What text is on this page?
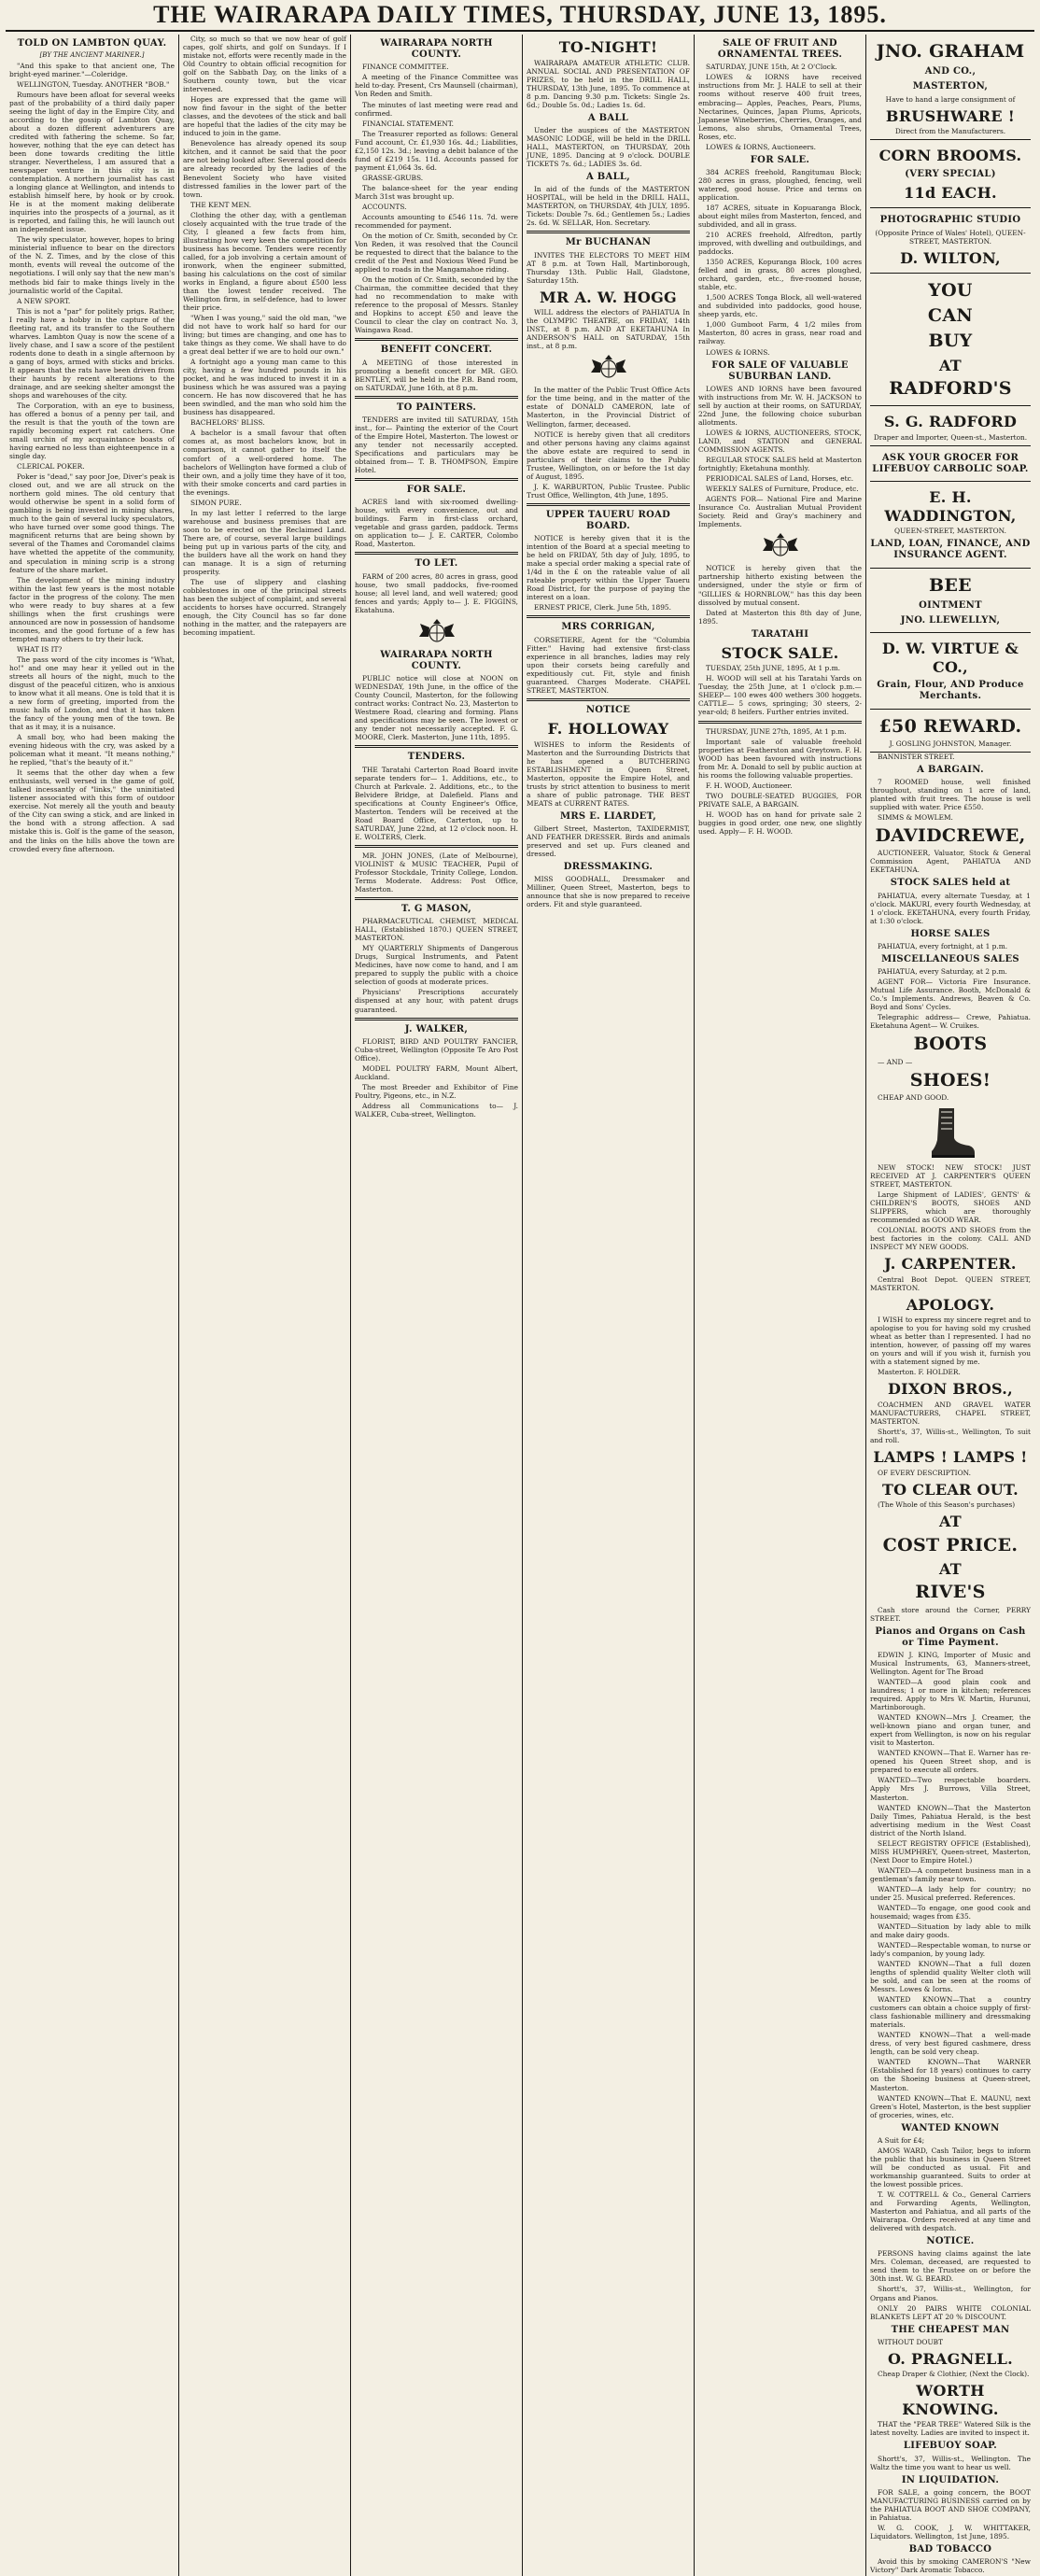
THE WAIRARAPA DAILY TIMES, THURSDAY, JUNE 13, 1895.
TOLD ON LAMBTON QUAY.
[BY THE ANCIENT MARINER.]

"And this spake to that ancient one, The bright-eyed mariner."—Coleridge.

WELLINGTON, Tuesday. ANOTHER "BOB."

Rumours have been afloat for several weeks past of the probability of a third daily paper seeing the light of day in the Empire City, and according to the gossip of Lambton Quay, about a dozen different adventurers are credited with fathering the scheme. So far, however, nothing that the eye can detect has been done towards crediting the little stranger. Nevertheless, I am assured that a newspaper venture in this city is in contemplation. A northern journalist has cast a longing glance at Wellington, and intends to establish himself here, by hook or by crook. He is at the moment making deliberate inquiries into the prospects of a journal, as it is reported, and failing this, he will launch out an independent issue.

The wily speculator, however, hopes to bring ministerial influence to bear on the directors of the N. Z. Times, and by the close of this month, events will reveal the outcome of the negotiations. I will only say that the new man's methods bid fair to make things lively in the journalistic world of the Capital.

A NEW SPORT.

This is not a "par" for politely prigs. Rather, I really have a hobby in the capture of the fleeting rat, and its transfer to the Southern wharves. Lambton Quay is now the scene of a lively chase, and I saw a score of the pestilent rodents done to death in a single afternoon by a gang of boys, armed with sticks and bricks. It appears that the rats have been driven from their haunts by recent alterations to the drainage, and are seeking shelter amongst the shops and warehouses of the city.

The Corporation, with an eye to business, has offered a bonus of a penny per tail, and the result is that the youth of the town are rapidly becoming expert rat catchers. One small urchin of my acquaintance boasts of having earned no less than eighteenpence in a single day.

CLERICAL POKER.

Poker is "dead," say poor Joe, Diver's peak is closed out, and we are all struck on the northern gold mines. The old century that would otherwise be spent in a solid form of gambling is being invested in mining shares, much to the gain of several lucky speculators, who have turned over some good things. The magnificent returns that are being shown by several of the Thames and Coromandel claims have whetted the appetite of the community, and speculation in mining scrip is a strong feature of the share market.

The development of the mining industry within the last few years is the most notable factor in the progress of the colony. The men who were ready to buy shares at a few shillings when the first crushings were announced are now in possession of handsome incomes, and the good fortune of a few has tempted many others to try their luck.

WHAT IS IT?

The pass word of the city incomes is "What, ho!" and one may hear it yelled out in the streets all hours of the night, much to the disgust of the peaceful citizen, who is anxious to know what it all means. One is told that it is a new form of greeting, imported from the music halls of London, and that it has taken the fancy of the young men of the town. Be that as it may, it is a nuisance.

A small boy, who had been making the evening hideous with the cry, was asked by a policeman what it meant. "It means nothing," he replied, "that's the beauty of it."

It seems that the other day when a few enthusiasts, well versed in the game of golf, talked incessantly of "links," the uninitiated listener associated with this form of outdoor exercise. Not merely all the youth and beauty of the City can swing a stick, and are linked in the bond with a strong affection. A sad mistake this is. Golf is the game of the season, and the links on the hills above the town are crowded every fine afternoon.

City, so much so that we now hear of golf capes, golf shirts, and golf on Sundays. If I mistake not, efforts were recently made in the Old Country to obtain official recognition for golf on the Sabbath Day, on the links of a Southern county town, but the vicar intervened.

Hopes are expressed that the game will now find favour in the sight of the better classes, and the devotees of the stick and ball are hopeful that the ladies of the city may be induced to join in the game.

Benevolence has already opened its soup kitchen, and it cannot be said that the poor are not being looked after. Several good deeds are already recorded by the ladies of the Benevolent Society who have visited distressed families in the lower part of the town.

THE KENT MEN.

Clothing the other day, with a gentleman closely acquainted with the true trade of the City, I gleaned a few facts from him, illustrating how very keen the competition for business has become. Tenders were recently called, for a job involving a certain amount of ironwork, when the engineer submitted, basing his calculations on the cost of similar works in England, a figure about £500 less than the lowest tender received. The Wellington firm, in self-defence, had to lower their price.

"When I was young," said the old man, "we did not have to work half so hard for our living; but times are changing, and one has to take things as they come. We shall have to do a great deal better if we are to hold our own."

A fortnight ago a young man came to this city, having a few hundred pounds in his pocket, and he was induced to invest it in a business which he was assured was a paying concern. He has now discovered that he has been swindled, and the man who sold him the business has disappeared.

BACHELORS' BLISS.

A bachelor is a small favour that often comes at, as most bachelors know, but in comparison, it cannot gather to itself the comfort of a well-ordered home. The bachelors of Wellington have formed a club of their own, and a jolly time they have of it too, with their smoke concerts and card parties in the evenings.

SIMON PURE.

In my last letter I referred to the large warehouse and business premises that are soon to be erected on the Reclaimed Land. There are, of course, several large buildings being put up in various parts of the city, and the builders have all the work on hand they can manage. It is a sign of returning prosperity.

The use of slippery and clashing cobblestones in one of the principal streets has been the subject of complaint, and several accidents to horses have occurred. Strangely enough, the City Council has so far done nothing in the matter, and the ratepayers are becoming impatient.

WAIRARAPA NORTH COUNTY.

FINANCE COMMITTEE.

A meeting of the Finance Committee was held to-day. Present, Crs Maunsell (chairman), Von Reden and Smith.

The minutes of last meeting were read and confirmed.

FINANCIAL STATEMENT.

The Treasurer reported as follows: General Fund account, Cr. £1,930 16s. 4d.; Liabilities, £2,150 12s. 3d.; leaving a debit balance of the fund of £219 15s. 11d. Accounts passed for payment £1,064 3s. 6d.

GRASSE-GRUBS.

The balance-sheet for the year ending March 31st was brought up.

ACCOUNTS.

Accounts amounting to £546 11s. 7d. were recommended for payment.

On the motion of Cr. Smith, seconded by Cr. Von Reden, it was resolved that the Council be requested to direct that the balance to the credit of the Pest and Noxious Weed Fund be applied to roads in the Mangamahoe riding.

On the motion of Cr. Smith, seconded by the Chairman, the committee decided that they had no recommendation to make with reference to the proposal of Messrs. Stanley and Hopkins to accept £50 and leave the Council to clear the clay on contract No. 3, Waingawa Road.

BENEFIT CONCERT.

A MEETING of those interested in promoting a benefit concert for MR. GEO. BENTLEY, will be held in the P.B. Band room, on SATURDAY, June 16th, at 8 p.m.

TO PAINTERS.

TENDERS are invited till SATURDAY, 15th inst., for— Painting the exterior of the Court of the Empire Hotel, Masterton. The lowest or any tender not necessarily accepted. Specifications and particulars may be obtained from— T. B. THOMPSON, Empire Hotel.

FOR SALE.

ACRES land with six-roomed dwelling-house, with every convenience, out and buildings. Farm in first-class orchard, vegetable and grass garden, paddock. Terms on application to— J. E. CARTER, Colombo Road, Masterton.

TO LET.

FARM of 200 acres, 80 acres in grass, good house, two small paddocks, five-roomed house; all level land, and well watered; good fences and yards; Apply to— J. E. FIGGINS, Ekatahuna.

WAIRARAPA NORTH COUNTY.

PUBLIC notice will close at NOON on WEDNESDAY, 19th June, in the office of the County Council, Masterton, for the following contract works: Contract No. 23, Masterton to Westmere Road, clearing and forming. Plans and specifications may be seen. The lowest or any tender not necessarily accepted. F. G. MOORE, Clerk. Masterton, June 11th, 1895.

TENDERS.

THE Taratahi Carterton Road Board invite separate tenders for— 1. Additions, etc., to Church at Parkvale. 2. Additions, etc., to the Belvidere Bridge, at Dalefield. Plans and specifications at County Engineer's Office, Masterton. Tenders will be received at the Road Board Office, Carterton, up to SATURDAY, June 22nd, at 12 o'clock noon. H. E. WOLTERS, Clerk.

MR. JOHN JONES, (Late of Melbourne), VIOLINIST & MUSIC TEACHER, Pupil of Professor Stockdale, Trinity College, London. Terms Moderate. Address: Post Office, Masterton.

T. G MASON,

PHARMACEUTICAL CHEMIST, MEDICAL HALL, (Established 1870.) QUEEN STREET, MASTERTON.

MY QUARTERLY Shipments of Dangerous Drugs, Surgical Instruments, and Patent Medicines, have now come to hand, and I am prepared to supply the public with a choice selection of goods at moderate prices.

Physicians' Prescriptions accurately dispensed at any hour, with patent drugs guaranteed.

J. WALKER,

FLORIST, BIRD AND POULTRY FANCIER, Cuba-street, Wellington (Opposite Te Aro Post Office).

MODEL POULTRY FARM, Mount Albert, Auckland.

The most Breeder and Exhibitor of Fine Poultry, Pigeons, etc., in N.Z.

Address all Communications to— J. WALKER, Cuba-street, Wellington.

TO-NIGHT!

WAIRARAPA AMATEUR ATHLETIC CLUB. ANNUAL SOCIAL AND PRESENTATION OF PRIZES, to be held in the DRILL HALL, THURSDAY, 13th June, 1895. To commence at 8 p.m. Dancing 9.30 p.m. Tickets: Single 2s. 6d.; Double 5s. 0d.; Ladies 1s. 6d.

A BALL

Under the auspices of the MASTERTON MASONIC LODGE, will be held in the DRILL HALL, MASTERTON, on THURSDAY, 20th JUNE, 1895. Dancing at 9 o'clock. DOUBLE TICKETS 7s. 6d.; LADIES 3s. 6d.

A BALL,

In aid of the funds of the MASTERTON HOSPITAL, will be held in the DRILL HALL, MASTERTON, on THURSDAY, 4th JULY, 1895. Tickets: Double 7s. 6d.; Gentlemen 5s.; Ladies 2s. 6d. W. SELLAR, Hon. Secretary.

Mr BUCHANAN

INVITES THE ELECTORS TO MEET HIM AT 8 p.m. at Town Hall, Martinborough, Thursday 13th. Public Hall, Gladstone, Saturday 15th.

MR A. W. HOGG

WILL address the electors of PAHIATUA In the OLYMPIC THEATRE, on FRIDAY, 14th INST., at 8 p.m. AND AT EKETAHUNA In ANDERSON'S HALL on SATURDAY, 15th inst., at 8 p.m.

In the matter of the Public Trust Office Acts for the time being, and in the matter of the estate of DONALD CAMERON, late of Masterton, in the Provincial District of Wellington, farmer, deceased.

NOTICE is hereby given that all creditors and other persons having any claims against the above estate are required to send in particulars of their claims to the Public Trustee, Wellington, on or before the 1st day of August, 1895.

J. K. WARBURTON, Public Trustee. Public Trust Office, Wellington, 4th June, 1895.

UPPER TAUERU ROAD BOARD.

NOTICE is hereby given that it is the intention of the Board at a special meeting to be held on FRIDAY, 5th day of July, 1895, to make a special order making a special rate of 1/4d in the £ on the rateable value of all rateable property within the Upper Taueru Road District, for the purpose of paying the interest on a loan.

ERNEST PRICE, Clerk. June 5th, 1895.

MRS CORRIGAN,

CORSETIERE, Agent for the "Columbia Fitter." Having had extensive first-class experience in all branches, ladies may rely upon their corsets being carefully and expeditiously cut. Fit, style and finish guaranteed. Charges Moderate. CHAPEL STREET, MASTERTON.

NOTICE
F. HOLLOWAY

WISHES to inform the Residents of Masterton and the Surrounding Districts that he has opened a BUTCHERING ESTABLISHMENT in Queen Street, Masterton, opposite the Empire Hotel, and trusts by strict attention to business to merit a share of public patronage. THE BEST MEATS at CURRENT RATES.

MRS E. LIARDET,

Gilbert Street, Masterton, TAXIDERMIST, AND FEATHER DRESSER. Birds and animals preserved and set up. Furs cleaned and dressed.

DRESSMAKING.

MISS GOODHALL, Dressmaker and Milliner, Queen Street, Masterton, begs to announce that she is now prepared to receive orders. Fit and style guaranteed.

SALE OF FRUIT AND ORNAMENTAL TREES.

SATURDAY, JUNE 15th, At 2 O'Clock.

LOWES & IORNS have received instructions from Mr. J. HALE to sell at their rooms without reserve 400 fruit trees, embracing— Apples, Peaches, Pears, Plums, Nectarines, Quinces, Japan Plums, Apricots, Japanese Wineberries, Cherries, Oranges, and Lemons, also shrubs, Ornamental Trees, Roses, etc.

LOWES & IORNS, Auctioneers.

FOR SALE.

384 ACRES freehold, Rangitumau Block; 280 acres in grass, ploughed, fencing, well watered, good house. Price and terms on application.

187 ACRES, situate in Kopuaranga Block, about eight miles from Masterton, fenced, and subdivided, and all in grass.

210 ACRES freehold, Alfredton, partly improved, with dwelling and outbuildings, and paddocks.

1350 ACRES, Kopuranga Block, 100 acres felled and in grass, 80 acres ploughed, orchard, garden, etc., five-roomed house, stable, etc.

1,500 ACRES Tonga Block, all well-watered and subdivided into paddocks, good house, sheep yards, etc.

1,000 Gumboot Farm, 4 1/2 miles from Masterton, 80 acres in grass, near road and railway.

LOWES & IORNS.

FOR SALE OF VALUABLE SUBURBAN LAND.

LOWES AND IORNS have been favoured with instructions from Mr. W. H. JACKSON to sell by auction at their rooms, on SATURDAY, 22nd June, the following choice suburban allotments.

LOWES & IORNS, AUCTIONEERS, STOCK, LAND, and STATION and GENERAL COMMISSION AGENTS.

REGULAR STOCK SALES held at Masterton fortnightly; Eketahuna monthly.

PERIODICAL SALES of Land, Horses, etc.

WEEKLY SALES of Furniture, Produce, etc.

AGENTS FOR— National Fire and Marine Insurance Co. Australian Mutual Provident Society. Reid and Gray's machinery and Implements.

NOTICE is hereby given that the partnership hitherto existing between the undersigned, under the style or firm of "GILLIES & HORNBLOW," has this day been dissolved by mutual consent.

Dated at Masterton this 8th day of June, 1895.

TARATAHI
STOCK SALE.

TUESDAY, 25th JUNE, 1895, At 1 p.m.

H. WOOD will sell at his Taratahi Yards on Tuesday, the 25th June, at 1 o'clock p.m.— SHEEP— 100 ewes 400 wethers 300 hoggets. CATTLE— 5 cows, springing; 30 steers, 2-year-old; 8 heifers. Further entries invited.

THURSDAY, JUNE 27th, 1895, At 1 p.m.

Important sale of valuable freehold properties at Featherston and Greytown. F. H. WOOD has been favoured with instructions from Mr. A. Donald to sell by public auction at his rooms the following valuable properties.

F. H. WOOD, Auctioneer.

TWO DOUBLE-SEATED BUGGIES, FOR PRIVATE SALE, A BARGAIN.

H. WOOD has on hand for private sale 2 buggies in good order, one new, one slightly used. Apply— F. H. WOOD.

JNO. GRAHAM
AND CO.,
MASTERTON,
Have to hand a large consignment of
BRUSHWARE !
Direct from the Manufacturers.
CORN BROOMS.
(VERY SPECIAL)
11d EACH.
PHOTOGRAPHIC STUDIO
(Opposite Prince of Wales' Hotel), QUEEN-STREET, MASTERTON.
D. WILTON,
YOU
CAN
BUY
AT
RADFORD'S
S. G. RADFORD
Draper and Importer, Queen-st., Masterton.
ASK YOUR GROCER FOR LIFEBUOY CARBOLIC SOAP.
E. H. WADDINGTON,
QUEEN-STREET, MASTERTON.
LAND, LOAN, FINANCE, AND INSURANCE AGENT.
BEE
OINTMENT
JNO. LLEWELLYN,
D. W. VIRTUE & CO.,
Grain, Flour, AND Produce Merchants.
£50 REWARD.
J. GOSLING JOHNSTON, Manager.

BANNISTER STREET.

A BARGAIN.

7 ROOMED house, well finished throughout, standing on 1 acre of land, planted with fruit trees. The house is well supplied with water. Price £550.

SIMMS & MOWLEM.

DAVIDCREWE,

AUCTIONEER, Valuator, Stock & General Commission Agent, PAHIATUA AND EKETAHUNA.

STOCK SALES held at

PAHIATUA, every alternate Tuesday, at 1 o'clock. MAKURI, every fourth Wednesday, at 1 o'clock. EKETAHUNA, every fourth Friday, at 1:30 o'clock.

HORSE SALES

PAHIATUA, every fortnight, at 1 p.m.

MISCELLANEOUS SALES

PAHIATUA, every Saturday, at 2 p.m.

AGENT FOR— Victoria Fire Insurance. Mutual Life Assurance. Booth, McDonald & Co.'s Implements. Andrews, Beaven & Co. Boyd and Sons' Cycles.

Telegraphic address— Crewe, Pahiatua. Eketahuna Agent— W. Cruikes.

BOOTS

— AND —

SHOES!

CHEAP AND GOOD.

NEW STOCK! NEW STOCK! JUST RECEIVED AT J. CARPENTER'S QUEEN STREET, MASTERTON.

Large Shipment of LADIES', GENTS' & CHILDREN'S BOOTS, SHOES AND SLIPPERS, which are thoroughly recommended as GOOD WEAR.

COLONIAL BOOTS AND SHOES from the best factories in the colony. CALL AND INSPECT MY NEW GOODS.

J. CARPENTER.

Central Boot Depot. QUEEN STREET, MASTERTON.

APOLOGY.

I WISH to express my sincere regret and to apologise to you for having sold my crushed wheat as better than I represented. I had no intention, however, of passing off my wares on yours and will if you wish it, furnish you with a statement signed by me.

Masterton. F. HOLDER.

DIXON BROS.,

COACHMEN AND GRAVEL WATER MANUFACTURERS, CHAPEL STREET, MASTERTON.

Shortt's, 37, Willis-st., Wellington, To suit and roll.

LAMPS ! LAMPS !

OF EVERY DESCRIPTION.

TO CLEAR OUT.

(The Whole of this Season's purchases)

AT
COST PRICE.
AT
RIVE'S

Cash store around the Corner, PERRY STREET.

Pianos and Organs on Cash or Time Payment.

EDWIN J. KING, Importer of Music and Musical Instruments, 63, Manners-street, Wellington. Agent for The Broad

WANTED—A good plain cook and laundress; 1 or more in kitchen; references required. Apply to Mrs W. Martin, Hurunui, Martinborough.

WANTED KNOWN—Mrs J. Creamer, the well-known piano and organ tuner, and expert from Wellington, is now on his regular visit to Masterton.

WANTED KNOWN—That E. Warner has re-opened his Queen Street shop, and is prepared to execute all orders.

WANTED—Two respectable boarders. Apply Mrs J. Burrows, Villa Street, Masterton.

WANTED KNOWN—That the Masterton Daily Times, Pahiatua Herald, is the best advertising medium in the West Coast district of the North Island.

SELECT REGISTRY OFFICE (Established), MISS HUMPHREY, Queen-street, Masterton, (Next Door to Empire Hotel.)

WANTED—A competent business man in a gentleman's family near town.

WANTED—A lady help for country; no under 25. Musical preferred. References.

WANTED—To engage, one good cook and housemaid; wages from £35.

WANTED—Situation by lady able to milk and make dairy goods.

WANTED—Respectable woman, to nurse or lady's companion, by young lady.

WANTED KNOWN—That a full dozen lengths of splendid quality Welter cloth will be sold, and can be seen at the rooms of Messrs. Lowes & Iorns.

WANTED KNOWN—That a country customers can obtain a choice supply of first-class fashionable millinery and dressmaking materials.

WANTED KNOWN—That a well-made dress, of very best figured cashmere, dress length, can be sold very cheap.

WANTED KNOWN—That WARNER (Established for 18 years) continues to carry on the Shoeing business at Queen-street, Masterton.

WANTED KNOWN—That E. MAUNU, next Green's Hotel, Masterton, is the best supplier of groceries, wines, etc.

WANTED KNOWN

A Suit for £4;

AMOS WARD, Cash Tailor, begs to inform the public that his business in Queen Street will be conducted as usual. Fit and workmanship guaranteed. Suits to order at the lowest possible prices.

T. W. COTTRELL & Co., General Carriers and Forwarding Agents, Wellington, Masterton and Pahiatua, and all parts of the Wairarapa. Orders received at any time and delivered with despatch.

NOTICE.

PERSONS having claims against the late Mrs. Coleman, deceased, are requested to send them to the Trustee on or before the 30th inst. W. G. BEARD.

Shortt's, 37, Willis-st., Wellington, for Organs and Pianos.

ONLY 20 PAIRS WHITE COLONIAL BLANKETS LEFT AT 20 % DISCOUNT.

THE CHEAPEST MAN

WITHOUT DOUBT

O. PRAGNELL.

Cheap Draper & Clothier, (Next the Clock).

WORTH KNOWING.

THAT the "PEAR TREE" Watered Silk is the latest novelty. Ladies are invited to inspect it.

LIFEBUOY SOAP.

Shortt's, 37, Willis-st., Wellington. The Waltz the time you want to hear us well.

IN LIQUIDATION.

FOR SALE, a going concern, the BOOT MANUFACTURING BUSINESS carried on by the PAHIATUA BOOT AND SHOE COMPANY, in Pahiatua.

W. G. COOK, J. W. WHITTAKER, Liquidators. Wellington, 1st June, 1895.

BAD TOBACCO

Avoid this by smoking CAMERON'S "New Victory" Dark Aromatic Tobacco.
